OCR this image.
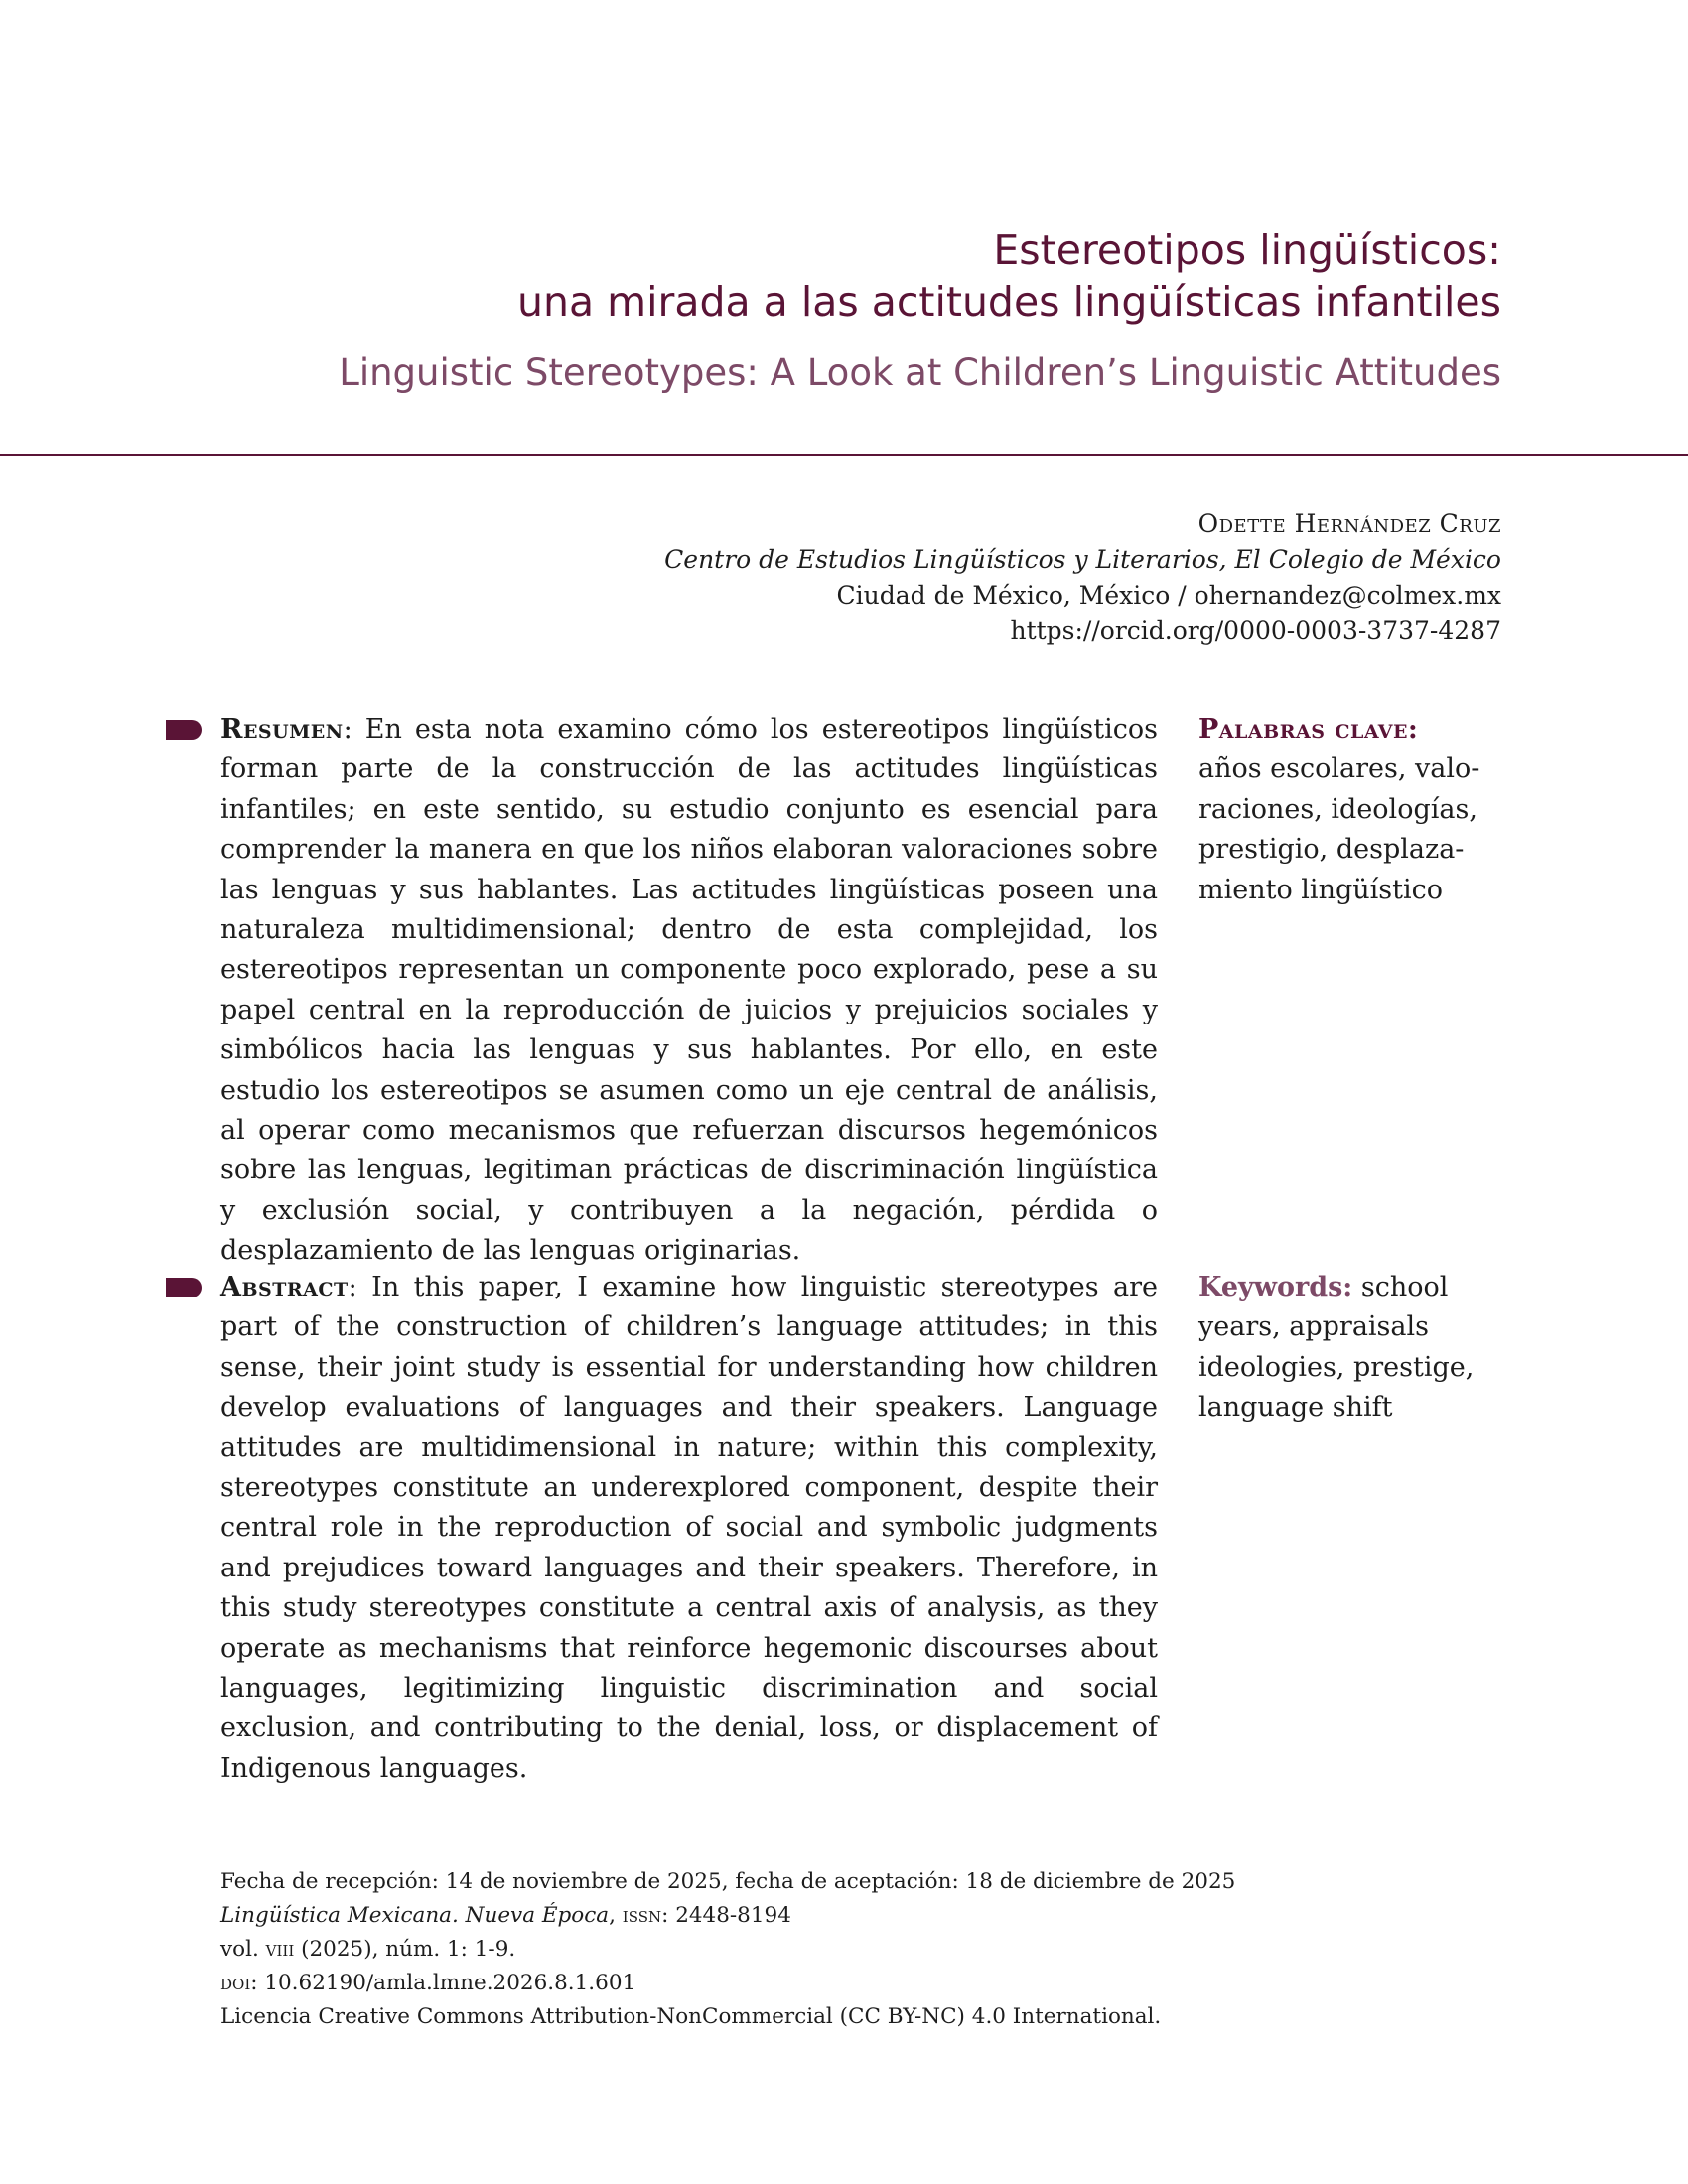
Estereotipos lingüísticos:
una mirada a las actitudes lingüísticas infantiles
Linguistic Stereotypes: A Look at Children’s Linguistic Attitudes
Odette Hernández Cruz
Centro de Estudios Lingüísticos y Literarios, El Colegio de México
Ciudad de México, México / ohernandez@colmex.mx
https://orcid.org/0000-0003-3737-4287
Resumen: En esta nota examino cómo los estereotipos lingüísticos forman parte de la construcción de las actitudes lingüísticas infantiles; en este sentido, su estudio conjunto es esencial para comprender la manera en que los niños elaboran valoraciones sobre las lenguas y sus hablantes. Las actitudes lingüísticas poseen una naturaleza multidimensional; dentro de esta complejidad, los estereotipos representan un componente poco explorado, pese a su papel central en la reproducción de juicios y prejuicios sociales y simbólicos hacia las lenguas y sus hablantes. Por ello, en este estudio los estereotipos se asumen como un eje central de análisis, al operar como mecanismos que refuerzan discursos hegemónicos sobre las lenguas, legitiman prácticas de discriminación lingüística y exclusión social, y contribuyen a la negación, pérdida o desplazamiento de las lenguas originarias.
Palabras clave:
años escolares, valo-
raciones, ideologías,
prestigio, desplaza-
miento lingüístico
Abstract: In this paper, I examine how linguistic stereotypes are part of the construction of children’s language attitudes; in this sense, their joint study is essential for understanding how children develop evaluations of languages and their speakers. Language attitudes are multidimensional in nature; within this complexity, stereotypes constitute an underexplored component, despite their central role in the reproduction of social and symbolic judgments and prejudices toward languages and their speakers. Therefore, in this study stereotypes constitute a central axis of analysis, as they operate as mechanisms that reinforce hegemonic discourses about languages, legitimizing linguistic discrimination and social exclusion, and contributing to the denial, loss, or displacement of Indigenous languages.
Keywords: school
years, appraisals
ideologies, prestige,
language shift
Fecha de recepción: 14 de noviembre de 2025, fecha de aceptación: 18 de diciembre de 2025
Lingüística Mexicana. Nueva Época, issn: 2448-8194
vol. viii (2025), núm. 1: 1-9.
doi: 10.62190/amla.lmne.2026.8.1.601
Licencia Creative Commons Attribution-NonCommercial (CC BY-NC) 4.0 International.
